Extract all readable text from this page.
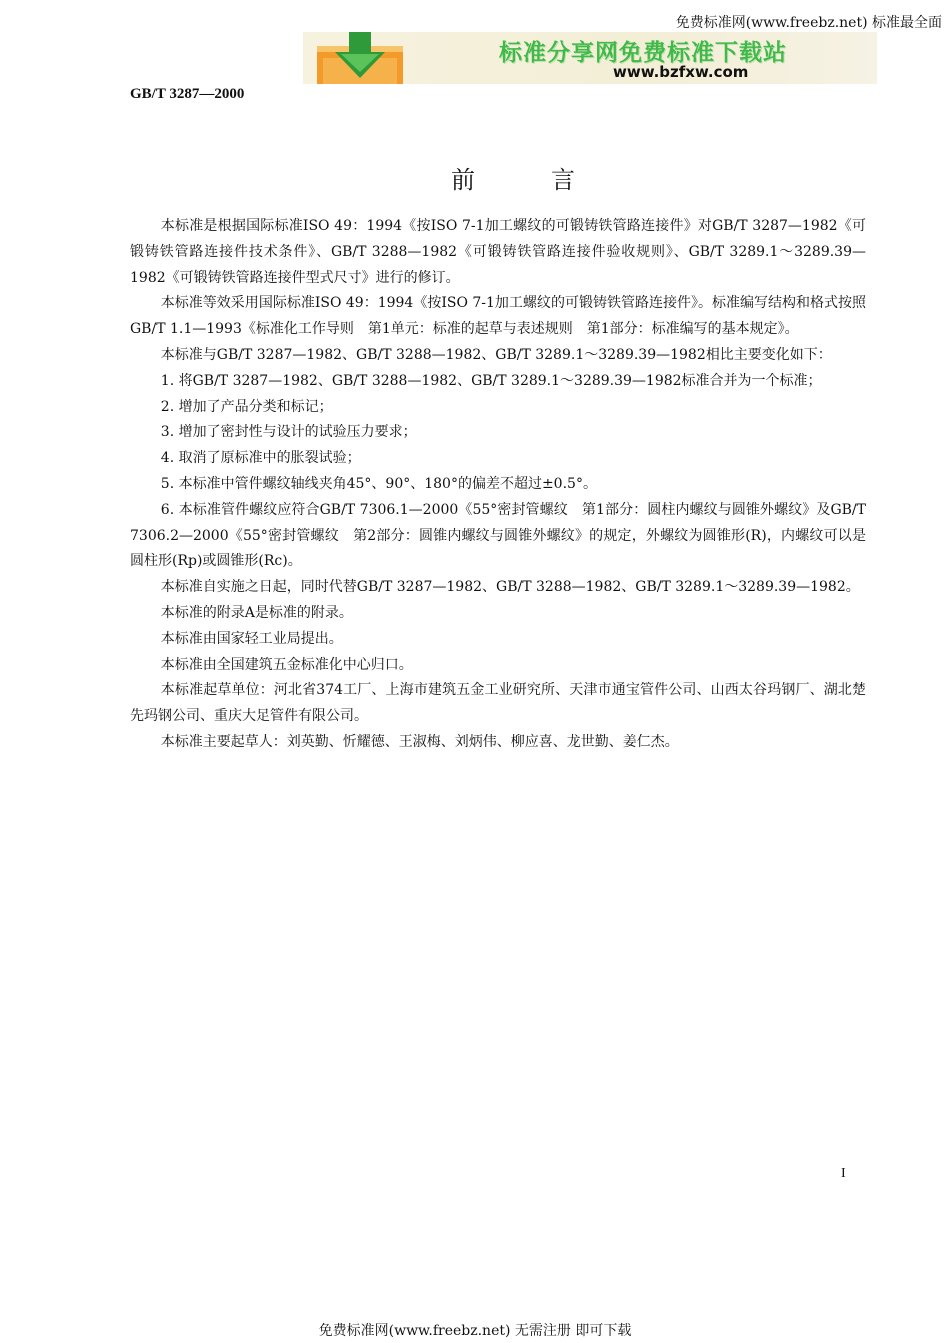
免费标准网(www.freebz.net) 标准最全面
标准分享网免费标准下载站
www.bzfxw.com
GB/T 3287—2000
前言

本标准是根据国际标准ISO 49：1994《按ISO 7-1加工螺纹的可锻铸铁管路连接件》对GB/T 3287—1982《可锻铸铁管路连接件技术条件》、GB/T 3288—1982《可锻铸铁管路连接件验收规则》、GB/T 3289.1～3289.39—1982《可锻铸铁管路连接件型式尺寸》进行的修订。

本标准等效采用国际标准ISO 49：1994《按ISO 7-1加工螺纹的可锻铸铁管路连接件》。标准编写结构和格式按照GB/T 1.1—1993《标准化工作导则　第1单元：标准的起草与表述规则　第1部分：标准编写的基本规定》。

本标准与GB/T 3287—1982、GB/T 3288—1982、GB/T 3289.1～3289.39—1982相比主要变化如下：

1. 将GB/T 3287—1982、GB/T 3288—1982、GB/T 3289.1～3289.39—1982标准合并为一个标准；

2. 增加了产品分类和标记；

3. 增加了密封性与设计的试验压力要求；

4. 取消了原标准中的胀裂试验；

5. 本标准中管件螺纹轴线夹角45°、90°、180°的偏差不超过±0.5°。

6. 本标准管件螺纹应符合GB/T 7306.1—2000《55°密封管螺纹　第1部分：圆柱内螺纹与圆锥外螺纹》及GB/T 7306.2—2000《55°密封管螺纹　第2部分：圆锥内螺纹与圆锥外螺纹》的规定，外螺纹为圆锥形(R)，内螺纹可以是圆柱形(Rp)或圆锥形(Rc)。

本标准自实施之日起，同时代替GB/T 3287—1982、GB/T 3288—1982、GB/T 3289.1～3289.39—1982。

本标准的附录A是标准的附录。

本标准由国家轻工业局提出。

本标准由全国建筑五金标准化中心归口。

本标准起草单位：河北省374工厂、上海市建筑五金工业研究所、天津市通宝管件公司、山西太谷玛钢厂、湖北楚先玛钢公司、重庆大足管件有限公司。

本标准主要起草人：刘英勤、忻耀德、王淑梅、刘炳伟、柳应喜、龙世勤、姜仁杰。

I
免费标准网(www.freebz.net) 无需注册 即可下载
